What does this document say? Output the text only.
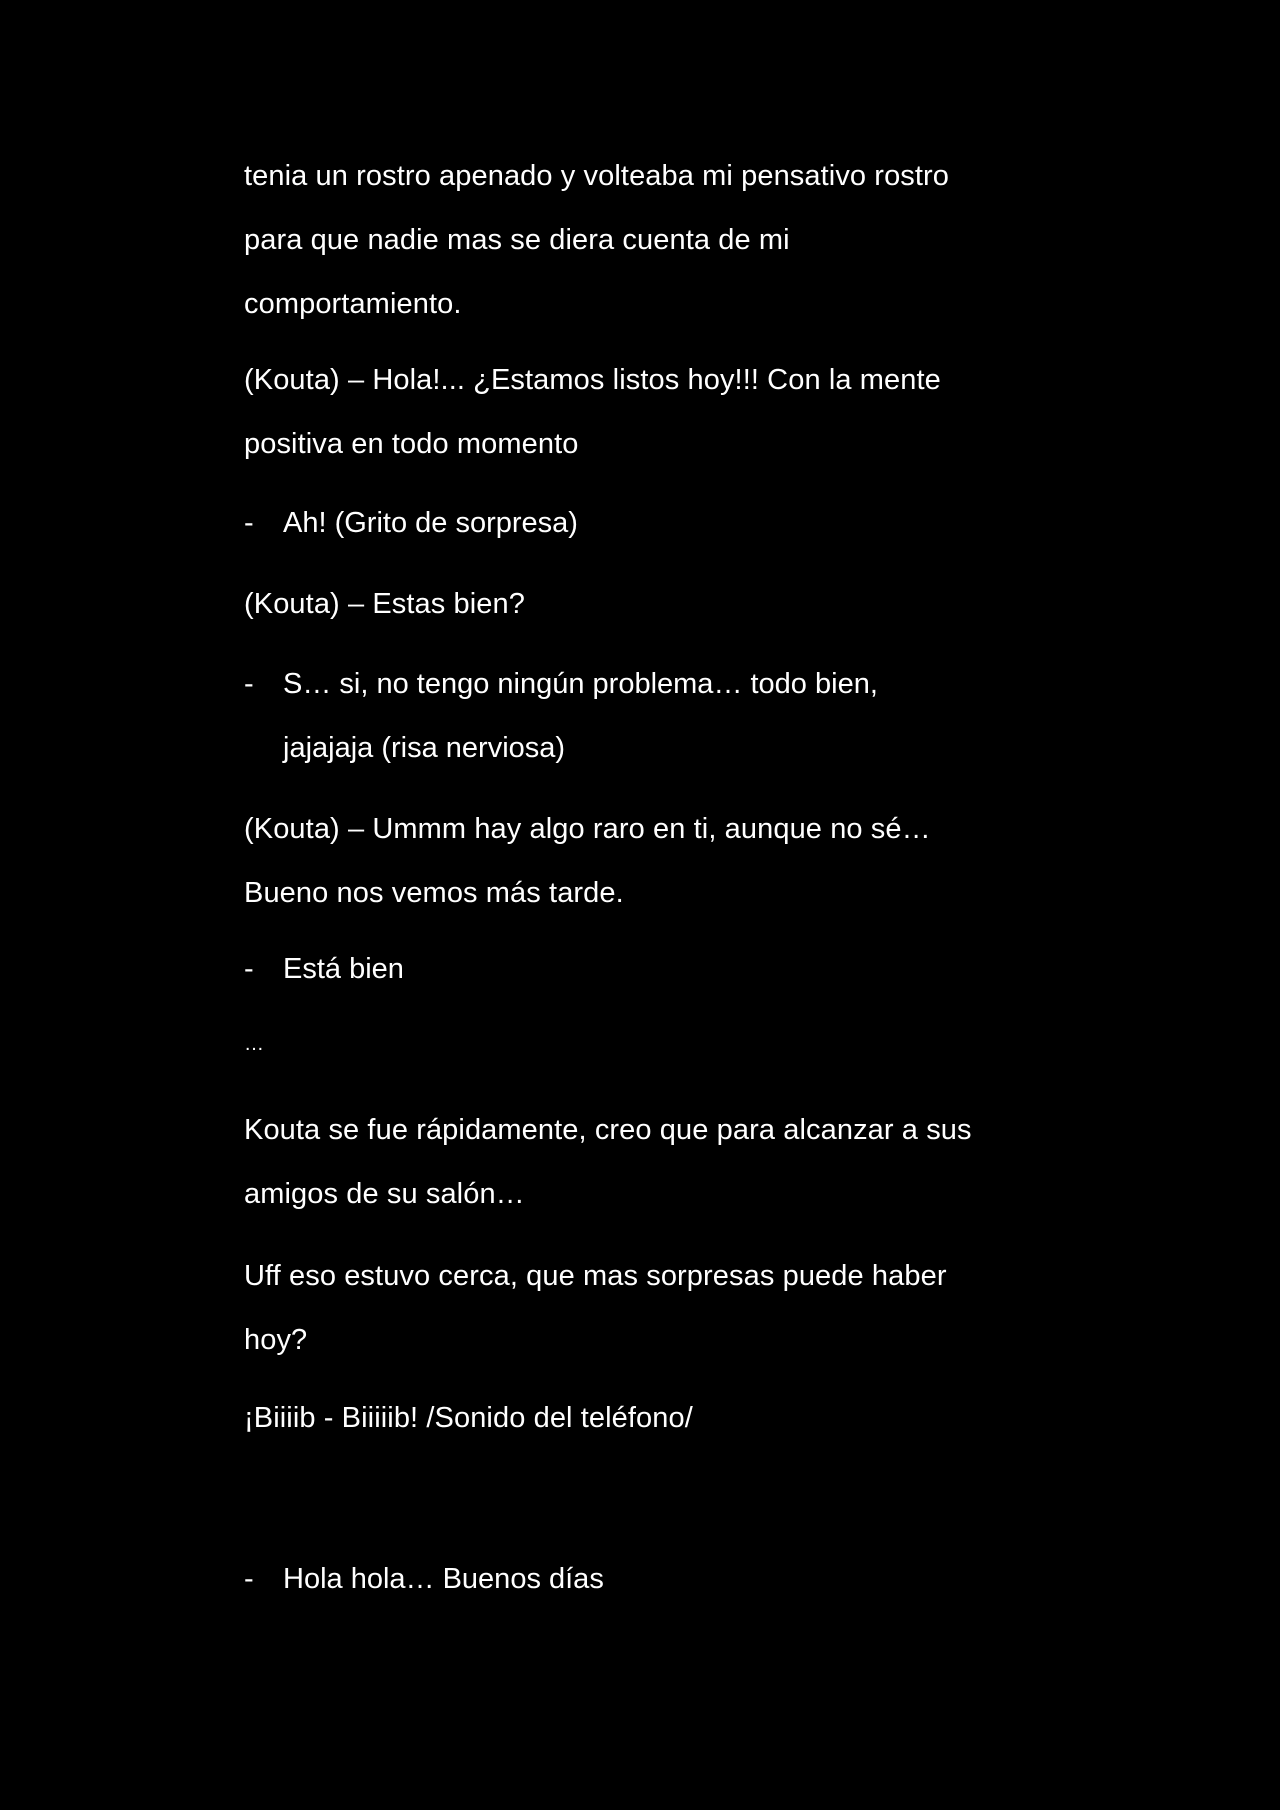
tenia un rostro apenado y volteaba mi pensativo rostro
para que nadie mas se diera cuenta de mi
comportamiento.
(Kouta) – Hola!... ¿Estamos listos hoy!!! Con la mente
positiva en todo momento
- Ah! (Grito de sorpresa)
(Kouta) – Estas bien?
- S… si, no tengo ningún problema… todo bien,
jajajaja (risa nerviosa)
(Kouta) – Ummm hay algo raro en ti, aunque no sé…
Bueno nos vemos más tarde.
- Está bien
…
Kouta se fue rápidamente, creo que para alcanzar a sus
amigos de su salón…
Uff eso estuvo cerca, que mas sorpresas puede haber
hoy?
¡Biiiib - Biiiiib! /Sonido del teléfono/
- Hola hola… Buenos días
